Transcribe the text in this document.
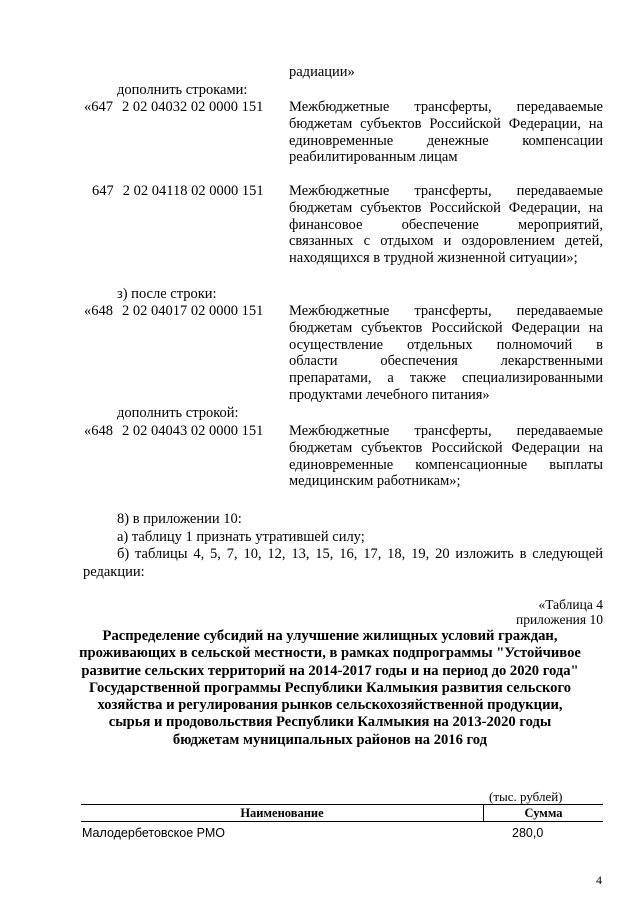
радиации»
дополнить строками:
«647 2 02 04032 02 0000 151	Межбюджетные трансферты, передаваемые
бюджетам субъектов Российской Федерации, на
единовременные денежные компенсации
реабилитированным лицам
647 2 02 04118 02 0000 151	Межбюджетные трансферты, передаваемые
бюджетам субъектов Российской Федерации, на
финансовое обеспечение мероприятий,
связанных с отдыхом и оздоровлением детей,
находящихся в трудной жизненной ситуации»;
з) после строки:
«648 2 02 04017 02 0000 151	Межбюджетные трансферты, передаваемые
бюджетам субъектов Российской Федерации на
осуществление отдельных полномочий в
области обеспечения лекарственными
препаратами, а также специализированными
продуктами лечебного питания»
дополнить строкой:
«648 2 02 04043 02 0000 151	Межбюджетные трансферты, передаваемые
бюджетам субъектов Российской Федерации на
единовременные компенсационные выплаты
медицинским работникам»;
8) в приложении 10:
а) таблицу 1 признать утратившей силу;
б) таблицы 4, 5, 7, 10, 12, 13, 15, 16, 17, 18, 19, 20 изложить в следующей
редакции:
«Таблица 4
приложения 10
Распределение субсидий на улучшение жилищных условий граждан,
проживающих в сельской местности, в рамках подпрограммы "Устойчивое
развитие сельских территорий на 2014-2017 годы и на период до 2020 года"
Государственной программы Республики Калмыкия развития сельского
хозяйства и регулирования рынков сельскохозяйственной продукции,
сырья и продовольствия Республики Калмыкия на 2013-2020 годы
бюджетам муниципальных районов на 2016 год
(тыс. рублей)
Наименование	Сумма
Малодербетовское РМО	280,0
4
